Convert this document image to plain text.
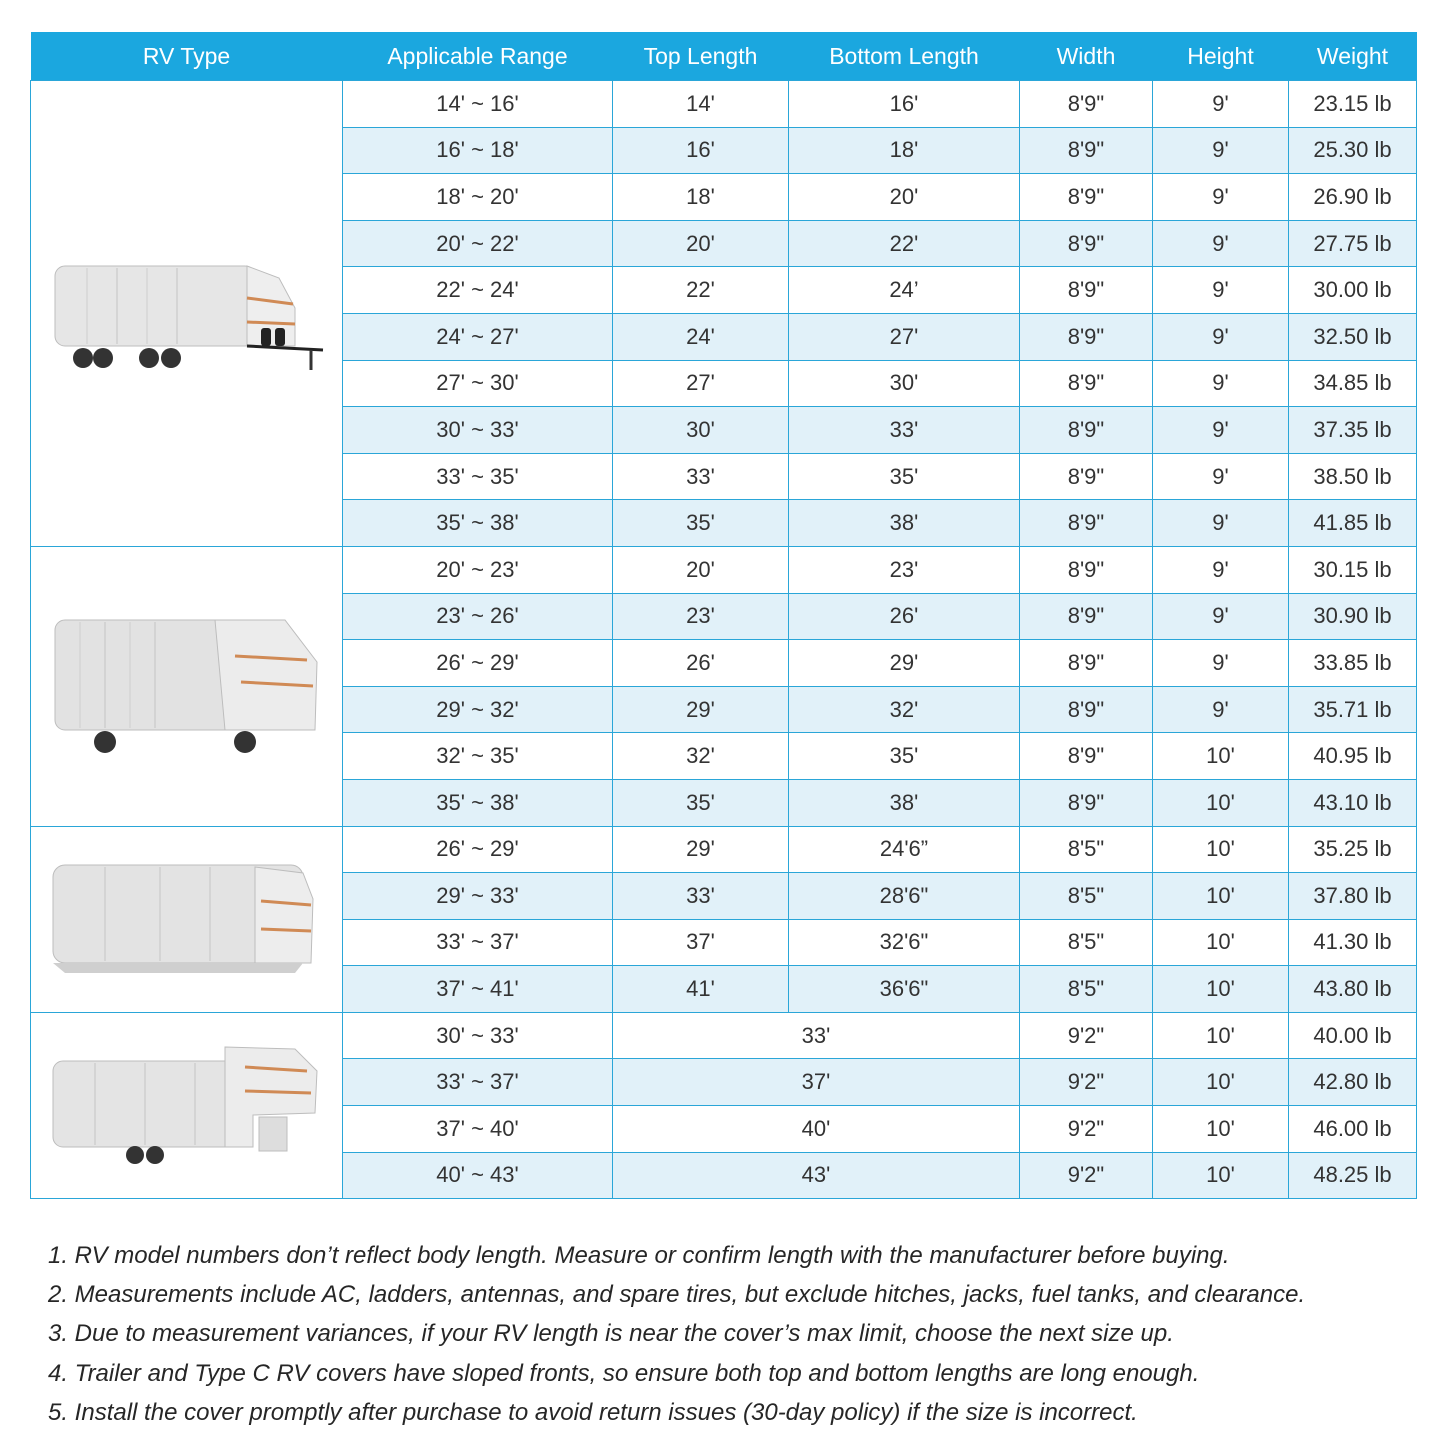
RV Type	Applicable Range	Top Length	Bottom Length	Width	Height	Weight

	14' ~ 16'	14'	16'	8'9"	9'	23.15 lb
	16' ~ 18'	16'	18'	8'9"	9'	25.30 lb
	18' ~ 20'	18'	20'	8'9"	9'	26.90 lb
	20' ~ 22'	20'	22'	8'9"	9'	27.75 lb
	22' ~ 24'	22'	24’	8'9"	9'	30.00 lb
	24' ~ 27'	24'	27'	8'9"	9'	32.50 lb
	27' ~ 30'	27'	30'	8'9"	9'	34.85 lb
	30' ~ 33'	30'	33'	8'9"	9'	37.35 lb
	33' ~ 35'	33'	35'	8'9"	9'	38.50 lb
	35' ~ 38'	35'	38'	8'9"	9'	41.85 lb

	20' ~ 23'	20'	23'	8'9"	9'	30.15 lb
	23' ~ 26'	23'	26'	8'9"	9'	30.90 lb
	26' ~ 29'	26'	29'	8'9"	9'	33.85 lb
	29' ~ 32'	29'	32'	8'9"	9'	35.71 lb
	32' ~ 35'	32'	35'	8'9"	10'	40.95 lb
	35' ~ 38'	35'	38'	8'9"	10'	43.10 lb

	26' ~ 29'	29'	24'6”	8'5"	10'	35.25 lb
	29' ~ 33'	33'	28'6"	8'5"	10'	37.80 lb
	33' ~ 37'	37'	32'6"	8'5"	10'	41.30 lb
	37' ~ 41'	41'	36'6"	8'5"	10'	43.80 lb

	30' ~ 33'	33'		9'2"	10'	40.00 lb
	33' ~ 37'	37'		9'2"	10'	42.80 lb
	37' ~ 40'	40'		9'2"	10'	46.00 lb
	40' ~ 43'	43'		9'2"	10'	48.25 lb
1. RV model numbers don’t reflect body length. Measure or confirm length with the manufacturer before buying.
2. Measurements include AC, ladders, antennas, and spare tires, but exclude hitches, jacks, fuel tanks, and clearance.
3. Due to measurement variances, if your RV length is near the cover’s max limit, choose the next size up.
4. Trailer and Type C RV covers have sloped fronts, so ensure both top and bottom lengths are long enough.
5. Install the cover promptly after purchase to avoid return issues (30-day policy) if the size is incorrect.
